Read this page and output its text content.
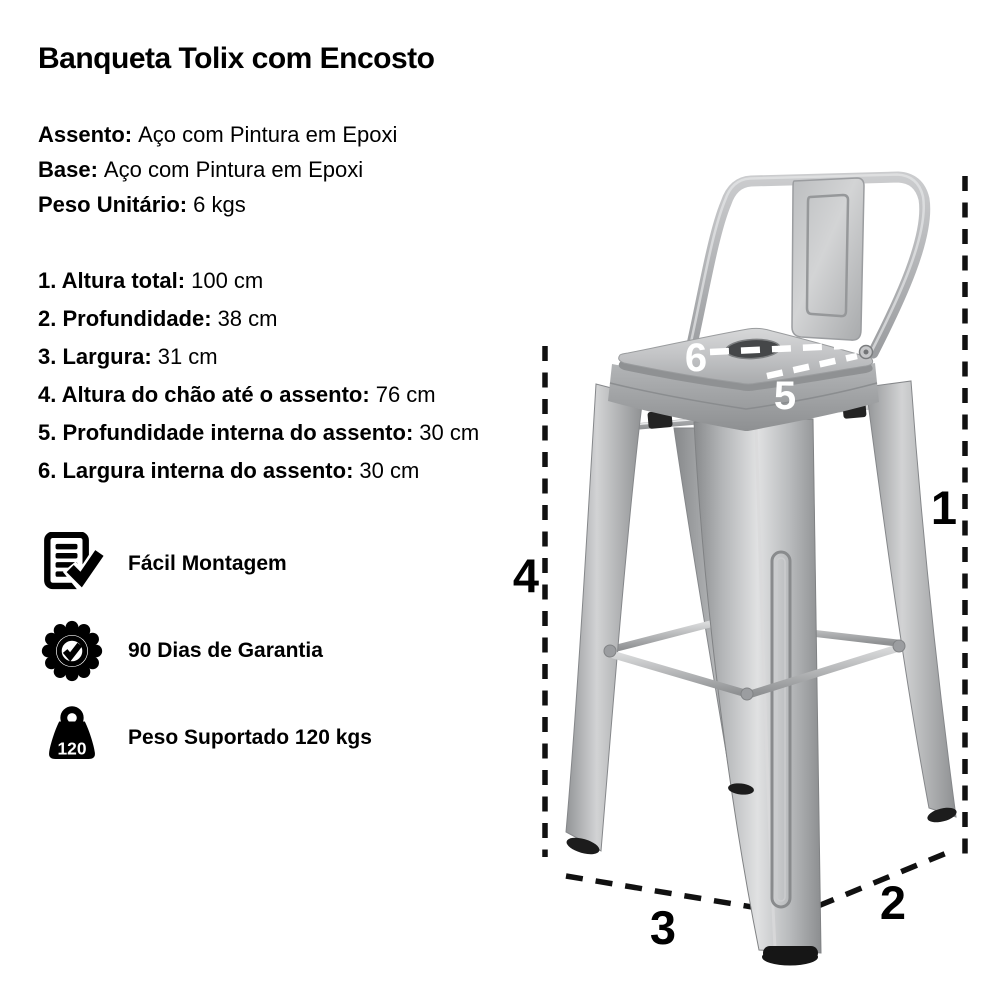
Banqueta Tolix com Encosto
Assento: Aço com Pintura em Epoxi
Base: Aço com Pintura em Epoxi
Peso Unitário: 6 kgs
1. Altura total: 100 cm
2. Profundidade: 38 cm
3. Largura: 31 cm
4. Altura do chão até o assento: 76 cm
5. Profundidade interna do assento: 30 cm
6. Largura interna do assento: 30 cm
Fácil Montagem
90 Dias de Garantia
120 Peso Suportado 120 kgs
6
5
1
4
3	2
